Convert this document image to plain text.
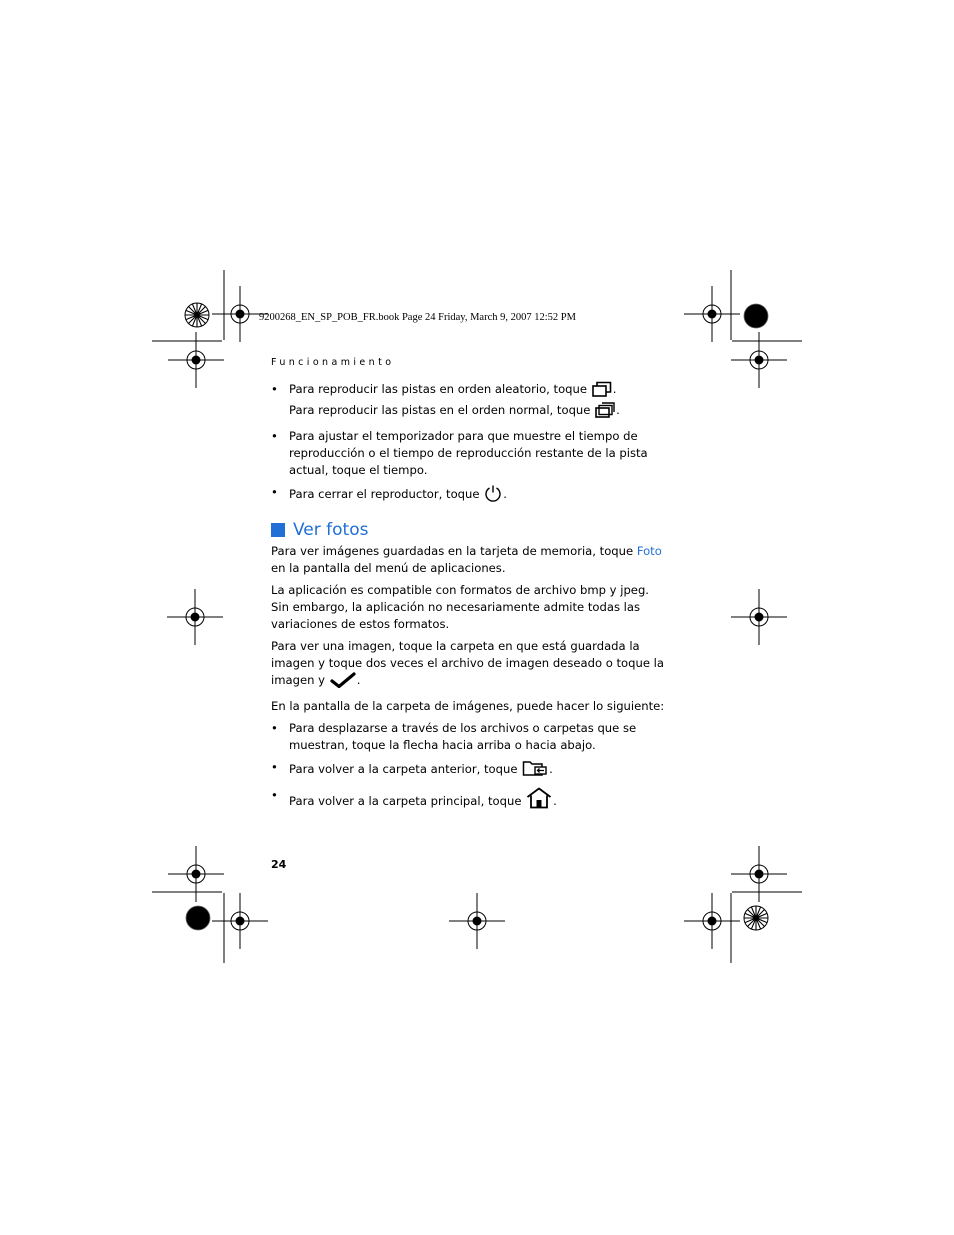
9200268_EN_SP_POB_FR.book Page 24 Friday, March 9, 2007 12:52 PM
Funcionamiento
• Para reproducir las pistas en orden aleatorio, toque .
Para reproducir las pistas en el orden normal, toque .
• Para ajustar el temporizador para que muestre el tiempo de reproducción o el tiempo de reproducción restante de la pista actual, toque el tiempo.
• Para cerrar el reproductor, toque .
Ver fotos
Para ver imágenes guardadas en la tarjeta de memoria, toque Foto en la pantalla del menú de aplicaciones.
La aplicación es compatible con formatos de archivo bmp y jpeg. Sin embargo, la aplicación no necesariamente admite todas las variaciones de estos formatos.
Para ver una imagen, toque la carpeta en que está guardada la imagen y toque dos veces el archivo de imagen deseado o toque la imagen y	.
En la pantalla de la carpeta de imágenes, puede hacer lo siguiente:
• Para desplazarse a través de los archivos o carpetas que se muestran, toque la flecha hacia arriba o hacia abajo.
• Para volver a la carpeta anterior, toque	.
• Para volver a la carpeta principal, toque	.
24
